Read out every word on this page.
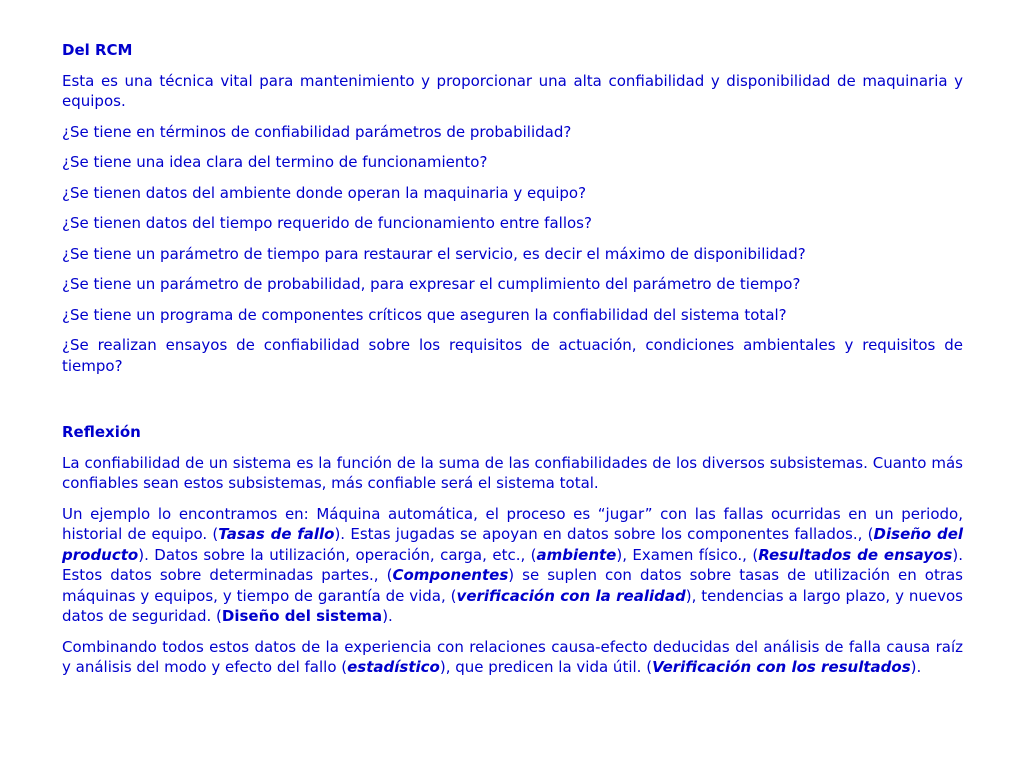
Del RCM
Esta es una técnica vital para mantenimiento y proporcionar una alta confiabilidad y disponibilidad de maquinaria y equipos.
¿Se tiene en términos de confiabilidad parámetros de probabilidad?
¿Se tiene una idea clara del termino de funcionamiento?
¿Se tienen datos del ambiente donde operan la maquinaria y equipo?
¿Se tienen datos del tiempo requerido de funcionamiento entre fallos?
¿Se tiene un parámetro de tiempo para restaurar el servicio, es decir el máximo de disponibilidad?
¿Se tiene un parámetro de probabilidad, para expresar el cumplimiento del parámetro de tiempo?
¿Se tiene un programa de componentes críticos que aseguren la confiabilidad del sistema total?
¿Se realizan ensayos de confiabilidad sobre los requisitos de actuación, condiciones ambientales y requisitos de tiempo?
Reflexión
La confiabilidad de un sistema es la función de la suma de las confiabilidades de los diversos subsistemas. Cuanto más confiables sean estos subsistemas, más confiable será el sistema total.
Un ejemplo lo encontramos en: Máquina automática, el proceso es “jugar” con las fallas ocurridas en un periodo, historial de equipo. (Tasas de fallo). Estas jugadas se apoyan en datos sobre los componentes fallados., (Diseño del producto). Datos sobre la utilización, operación, carga, etc., (ambiente), Examen físico., (Resultados de ensayos). Estos datos sobre determinadas partes., (Componentes) se suplen con datos sobre tasas de utilización en otras máquinas y equipos, y tiempo de garantía de vida, (verificación con la realidad), tendencias a largo plazo, y nuevos datos de seguridad. (Diseño del sistema).
Combinando todos estos datos de la experiencia con relaciones causa-efecto deducidas del análisis de falla causa raíz y análisis del modo y efecto del fallo (estadístico), que predicen la vida útil. (Verificación con los resultados).
